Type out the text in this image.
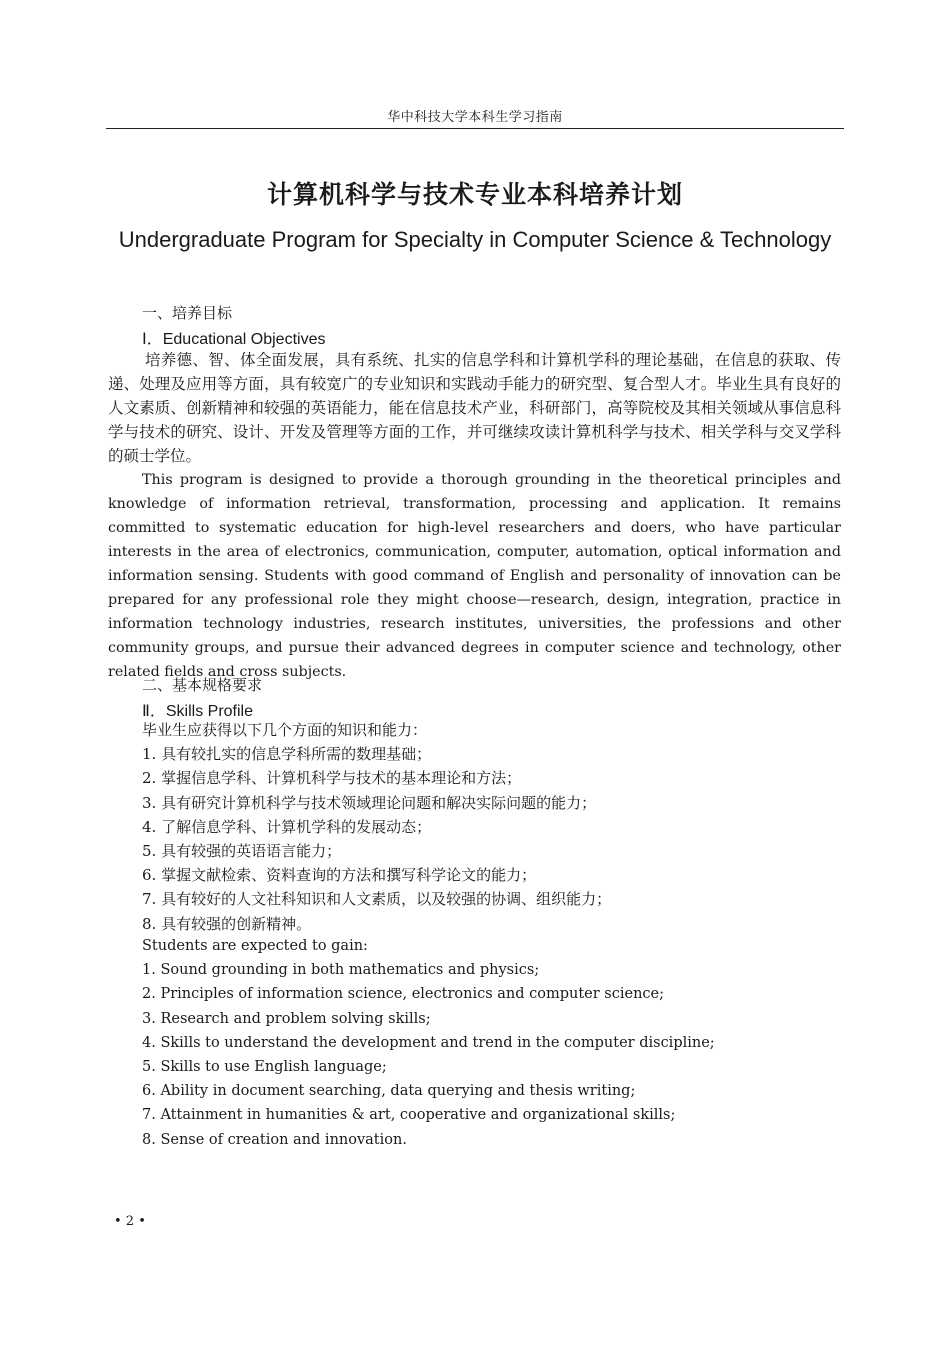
华中科技大学本科生学习指南
计算机科学与技术专业本科培养计划
Undergraduate Program for Specialty in Computer Science & Technology
一、培养目标
Ⅰ．Educational Objectives

培养德、智、体全面发展，具有系统、扎实的信息学科和计算机学科的理论基础，在信息的获取、传递、处理及应用等方面，具有较宽广的专业知识和实践动手能力的研究型、复合型人才。毕业生具有良好的人文素质、创新精神和较强的英语能力，能在信息技术产业，科研部门，高等院校及其相关领域从事信息科学与技术的研究、设计、开发及管理等方面的工作，并可继续攻读计算机科学与技术、相关学科与交叉学科的硕士学位。

This program is designed to provide a thorough grounding in the theoretical principles and knowledge of information retrieval, transformation, processing and application. It remains committed to systematic education for high-level researchers and doers, who have particular interests in the area of electronics, communication, computer, automation, optical information and information sensing. Students with good command of English and personality of innovation can be prepared for any professional role they might choose—research, design, integration, practice in information technology industries, research institutes, universities, the professions and other community groups, and pursue their advanced degrees in computer science and technology, other related fields and cross subjects.

二、基本规格要求
Ⅱ．Skills Profile
毕业生应获得以下几个方面的知识和能力：
1. 具有较扎实的信息学科所需的数理基础；
2. 掌握信息学科、计算机科学与技术的基本理论和方法；
3. 具有研究计算机科学与技术领域理论问题和解决实际问题的能力；
4. 了解信息学科、计算机学科的发展动态；
5. 具有较强的英语语言能力；
6. 掌握文献检索、资料查询的方法和撰写科学论文的能力；
7. 具有较好的人文社科知识和人文素质，以及较强的协调、组织能力；
8. 具有较强的创新精神。
Students are expected to gain:
1. Sound grounding in both mathematics and physics;
2. Principles of information science, electronics and computer science;
3. Research and problem solving skills;
4. Skills to understand the development and trend in the computer discipline;
5. Skills to use English language;
6. Ability in document searching, data querying and thesis writing;
7. Attainment in humanities & art, cooperative and organizational skills;
8. Sense of creation and innovation.
• 2 •
